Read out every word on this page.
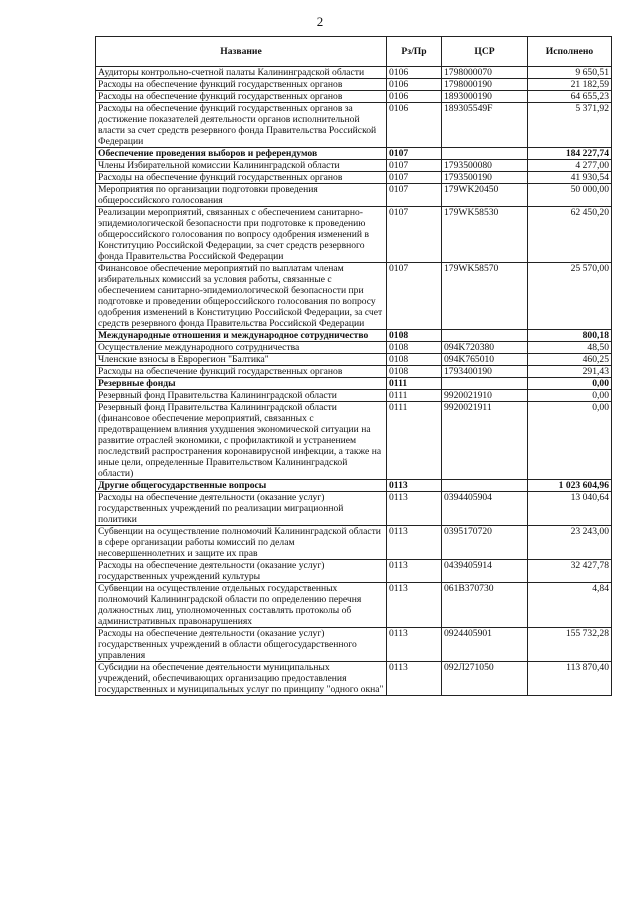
2
Название	Рз/Пр	ЦСР	Исполнено
Аудиторы контрольно-счетной палаты Калининградской области	0106	1798000070	9 650,51
Расходы на обеспечение функций государственных органов	0106	1798000190	21 182,59
Расходы на обеспечение функций государственных органов	0106	1893000190	64 655,23
Расходы на обеспечение функций государственных органов за достижение показателей деятельности органов исполнительной власти за счет средств резервного фонда Правительства Российской Федерации	0106	189305549F	5 371,92
Обеспечение проведения выборов и референдумов	0107		184 227,74
Члены Избирательной комиссии Калининградской области	0107	1793500080	4 277,00
Расходы на обеспечение функций государственных органов	0107	1793500190	41 930,54
Мероприятия по организации подготовки проведения общероссийского голосования	0107	179WK20450	50 000,00
Реализации мероприятий, связанных с обеспечением санитарно-эпидемиологической безопасности при подготовке к проведению общероссийского голосования по вопросу одобрения изменений в Конституцию Российской Федерации, за счет средств резервного фонда Правительства Российской Федерации	0107	179WK58530	62 450,20
Финансовое обеспечение мероприятий по выплатам членам избирательных комиссий за условия работы, связанные с обеспечением санитарно-эпидемиологической безопасности при подготовке и проведении общероссийского голосования по вопросу одобрения изменений в Конституцию Российской Федерации, за счет средств резервного фонда Правительства Российской Федерации	0107	179WK58570	25 570,00
Международные отношения и международное сотрудничество	0108		800,18
Осуществление международного сотрудничества	0108	094K720380	48,50
Членские взносы в Еврорегион "Балтика"	0108	094K765010	460,25
Расходы на обеспечение функций государственных органов	0108	1793400190	291,43
Резервные фонды	0111		0,00
Резервный фонд Правительства Калининградской области	0111	9920021910	0,00
Резервный фонд Правительства Калининградской области (финансовое обеспечение мероприятий, связанных с предотвращением влияния ухудшения экономической ситуации на развитие отраслей экономики, с профилактикой и устранением последствий распространения коронавирусной инфекции, а также на иные цели, определенные Правительством Калининградской области)	0111	9920021911	0,00
Другие общегосударственные вопросы	0113		1 023 604,96
Расходы на обеспечение деятельности (оказание услуг) государственных учреждений по реализации миграционной политики	0113	0394405904	13 040,64
Субвенции на осуществление полномочий Калининградской области в сфере организации работы комиссий по делам несовершеннолетних и защите их прав	0113	0395170720	23 243,00
Расходы на обеспечение деятельности (оказание услуг) государственных учреждений культуры	0113	0439405914	32 427,78
Субвенции на осуществление отдельных государственных полномочий Калининградской области по определению перечня должностных лиц, уполномоченных составлять протоколы об административных правонарушениях	0113	061В370730	4,84
Расходы на обеспечение деятельности (оказание услуг) государственных учреждений в области общегосударственного управления	0113	0924405901	155 732,28
Субсидии на обеспечение деятельности муниципальных учреждений, обеспечивающих организацию предоставления государственных и муниципальных услуг по принципу "одного окна"	0113	092Л271050	113 870,40
